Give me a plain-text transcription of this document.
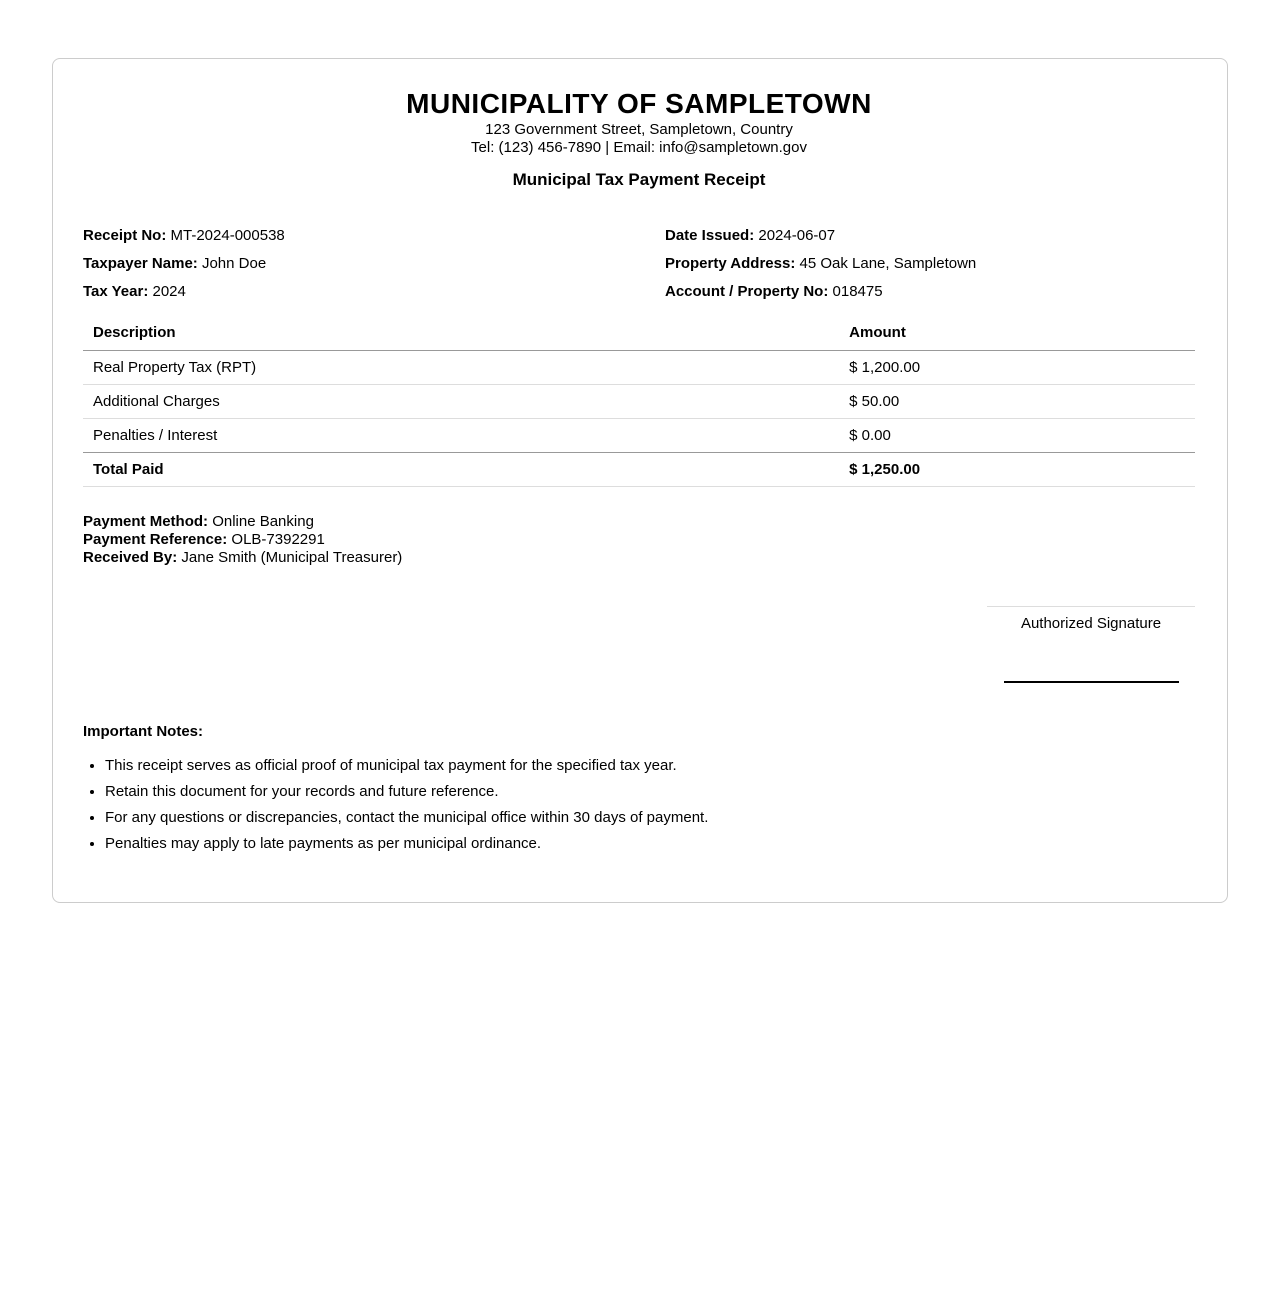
MUNICIPALITY OF SAMPLETOWN
123 Government Street, Sampletown, Country
Tel: (123) 456-7890 | Email: info@sampletown.gov
Municipal Tax Payment Receipt
Receipt No: MT-2024-000538
Taxpayer Name: John Doe
Tax Year: 2024
Date Issued: 2024-06-07
Property Address: 45 Oak Lane, Sampletown
Account / Property No: 018475
Description	Amount
Real Property Tax (RPT)	$ 1,200.00
Additional Charges	$ 50.00
Penalties / Interest	$ 0.00
Total Paid	$ 1,250.00
Payment Method: Online Banking
Payment Reference: OLB-7392291
Received By: Jane Smith (Municipal Treasurer)
Authorized Signature
Important Notes:
• This receipt serves as official proof of municipal tax payment for the specified tax year.
• Retain this document for your records and future reference.
• For any questions or discrepancies, contact the municipal office within 30 days of payment.
• Penalties may apply to late payments as per municipal ordinance.
